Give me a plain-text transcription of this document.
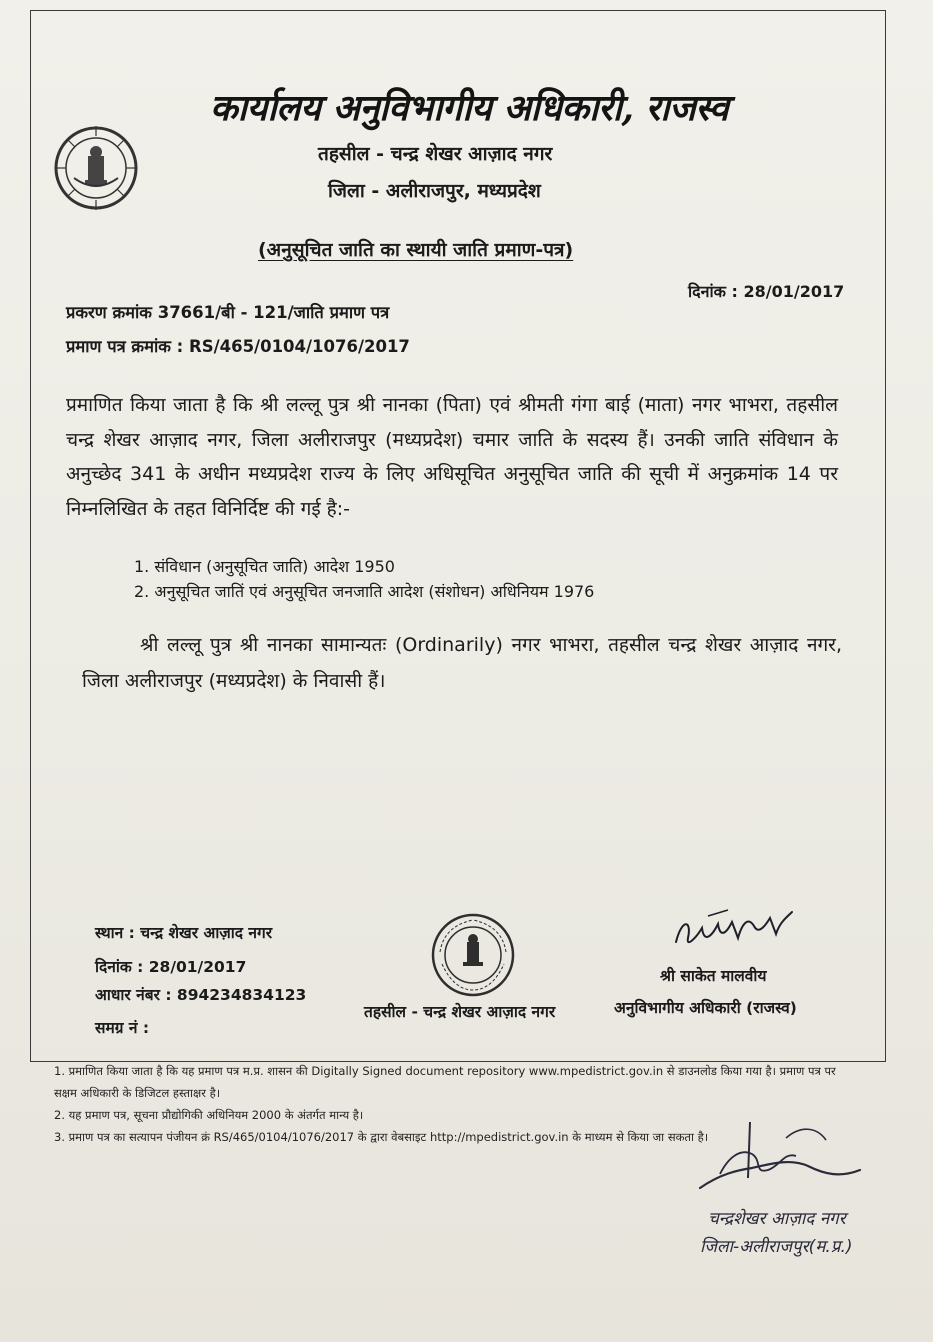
कार्यालय अनुविभागीय अधिकारी, राजस्व
तहसील - चन्द्र शेखर आज़ाद नगर
जिला - अलीराजपुर, मध्यप्रदेश
(अनुसूचित जाति का स्थायी जाति प्रमाण-पत्र)
दिनांक : 28/01/2017
प्रकरण क्रमांक 37661/बी - 121/जाति प्रमाण पत्र
प्रमाण पत्र क्रमांक : RS/465/0104/1076/2017
प्रमाणित किया जाता है कि श्री लल्लू पुत्र श्री नानका (पिता) एवं श्रीमती गंगा बाई (माता) नगर भाभरा, तहसील चन्द्र शेखर आज़ाद नगर, जिला अलीराजपुर (मध्यप्रदेश) चमार जाति के सदस्य हैं। उनकी जाति संविधान के अनुच्छेद 341 के अधीन मध्यप्रदेश राज्य के लिए अधिसूचित अनुसूचित जाति की सूची में अनुक्रमांक 14 पर निम्नलिखित के तहत विनिर्दिष्ट की गई है:-
1. संविधान (अनुसूचित जाति) आदेश 1950
2. अनुसूचित जातिं एवं अनुसूचित जनजाति आदेश (संशोधन) अधिनियम 1976
श्री लल्लू पुत्र श्री नानका सामान्यतः (Ordinarily) नगर भाभरा, तहसील चन्द्र शेखर आज़ाद नगर, जिला अलीराजपुर (मध्यप्रदेश) के निवासी हैं।
स्थान : चन्द्र शेखर आज़ाद नगर
दिनांक : 28/01/2017
आधार नंबर : 894234834123
समग्र नं :
तहसील - चन्द्र शेखर आज़ाद नगर
श्री साकेत मालवीय
अनुविभागीय अधिकारी (राजस्व)
1. प्रमाणित किया जाता है कि यह प्रमाण पत्र म.प्र. शासन की Digitally Signed document repository www.mpedistrict.gov.in से डाउनलोड किया गया है। प्रमाण पत्र पर
सक्षम अधिकारी के डिजिटल हस्ताक्षर है।
2. यह प्रमाण पत्र, सूचना प्रौद्योगिकी अधिनियम 2000 के अंतर्गत मान्य है।
3. प्रमाण पत्र का सत्यापन पंजीयन क्रं RS/465/0104/1076/2017 के द्वारा वेबसाइट http://mpedistrict.gov.in के माध्यम से किया जा सकता है।
चन्द्रशेखर आज़ाद नगर
जिला-अलीराजपुर(म.प्र.)
